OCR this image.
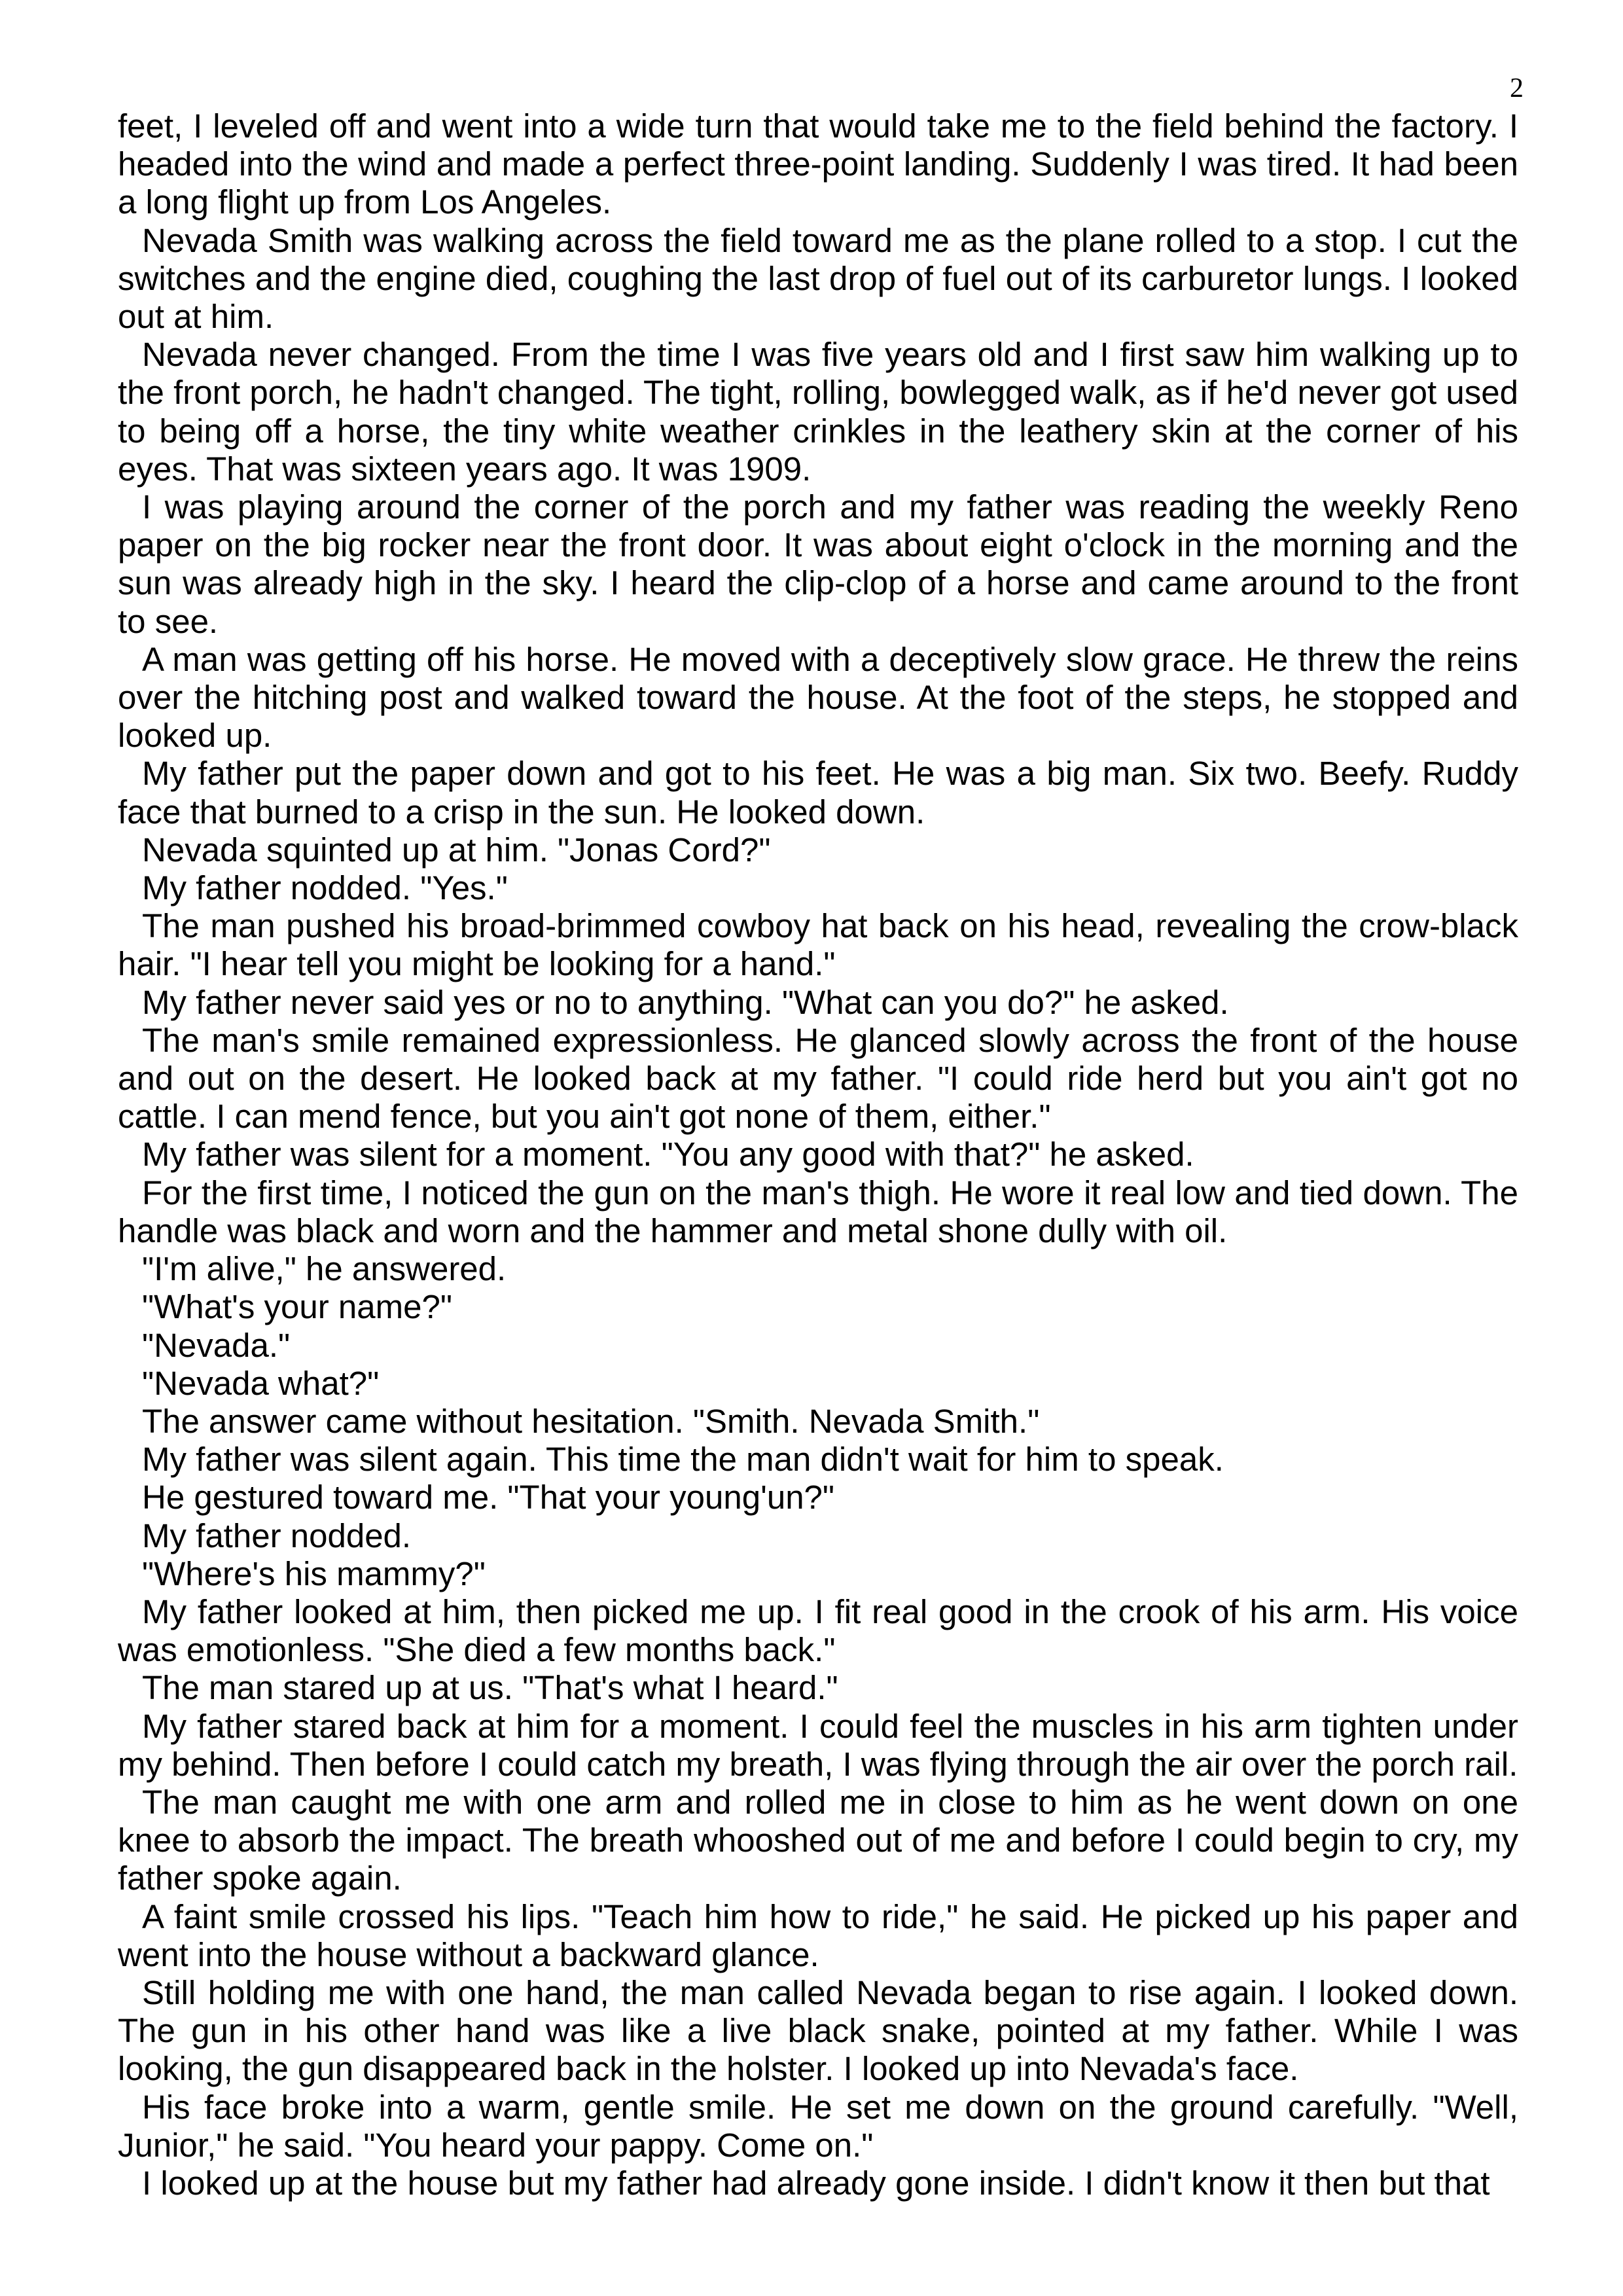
2

feet, I leveled off and went into a wide turn that would take me to the field behind the factory. I headed into the wind and made a perfect three-point landing. Suddenly I was tired. It had been a long flight up from Los Angeles.

Nevada Smith was walking across the field toward me as the plane rolled to a stop. I cut the switches and the engine died, coughing the last drop of fuel out of its carburetor lungs. I looked out at him.

Nevada never changed. From the time I was five years old and I first saw him walking up to the front porch, he hadn't changed. The tight, rolling, bowlegged walk, as if he'd never got used to being off a horse, the tiny white weather crinkles in the leathery skin at the corner of his eyes. That was sixteen years ago. It was 1909.

I was playing around the corner of the porch and my father was reading the weekly Reno paper on the big rocker near the front door. It was about eight o'clock in the morning and the sun was already high in the sky. I heard the clip-clop of a horse and came around to the front to see.

A man was getting off his horse. He moved with a deceptively slow grace. He threw the reins over the hitching post and walked toward the house. At the foot of the steps, he stopped and looked up.

My father put the paper down and got to his feet. He was a big man. Six two. Beefy. Ruddy face that burned to a crisp in the sun. He looked down.

Nevada squinted up at him. "Jonas Cord?"

My father nodded. "Yes."

The man pushed his broad-brimmed cowboy hat back on his head, revealing the crow-black hair. "I hear tell you might be looking for a hand."

My father never said yes or no to anything. "What can you do?" he asked.

The man's smile remained expressionless. He glanced slowly across the front of the house and out on the desert. He looked back at my father. "I could ride herd but you ain't got no cattle. I can mend fence, but you ain't got none of them, either."

My father was silent for a moment. "You any good with that?" he asked.

For the first time, I noticed the gun on the man's thigh. He wore it real low and tied down. The handle was black and worn and the hammer and metal shone dully with oil.

"I'm alive," he answered.

"What's your name?"

"Nevada."

"Nevada what?"

The answer came without hesitation. "Smith. Nevada Smith."

My father was silent again. This time the man didn't wait for him to speak.

He gestured toward me. "That your young'un?"

My father nodded.

"Where's his mammy?"

My father looked at him, then picked me up. I fit real good in the crook of his arm. His voice was emotionless. "She died a few months back."

The man stared up at us. "That's what I heard."

My father stared back at him for a moment. I could feel the muscles in his arm tighten under my behind. Then before I could catch my breath, I was flying through the air over the porch rail.

The man caught me with one arm and rolled me in close to him as he went down on one knee to absorb the impact. The breath whooshed out of me and before I could begin to cry, my father spoke again.

A faint smile crossed his lips. "Teach him how to ride," he said. He picked up his paper and went into the house without a backward glance.

Still holding me with one hand, the man called Nevada began to rise again. I looked down. The gun in his other hand was like a live black snake, pointed at my father. While I was looking, the gun disappeared back in the holster. I looked up into Nevada's face.

His face broke into a warm, gentle smile. He set me down on the ground carefully. "Well, Junior," he said. "You heard your pappy. Come on."

I looked up at the house but my father had already gone inside. I didn't know it then but that
